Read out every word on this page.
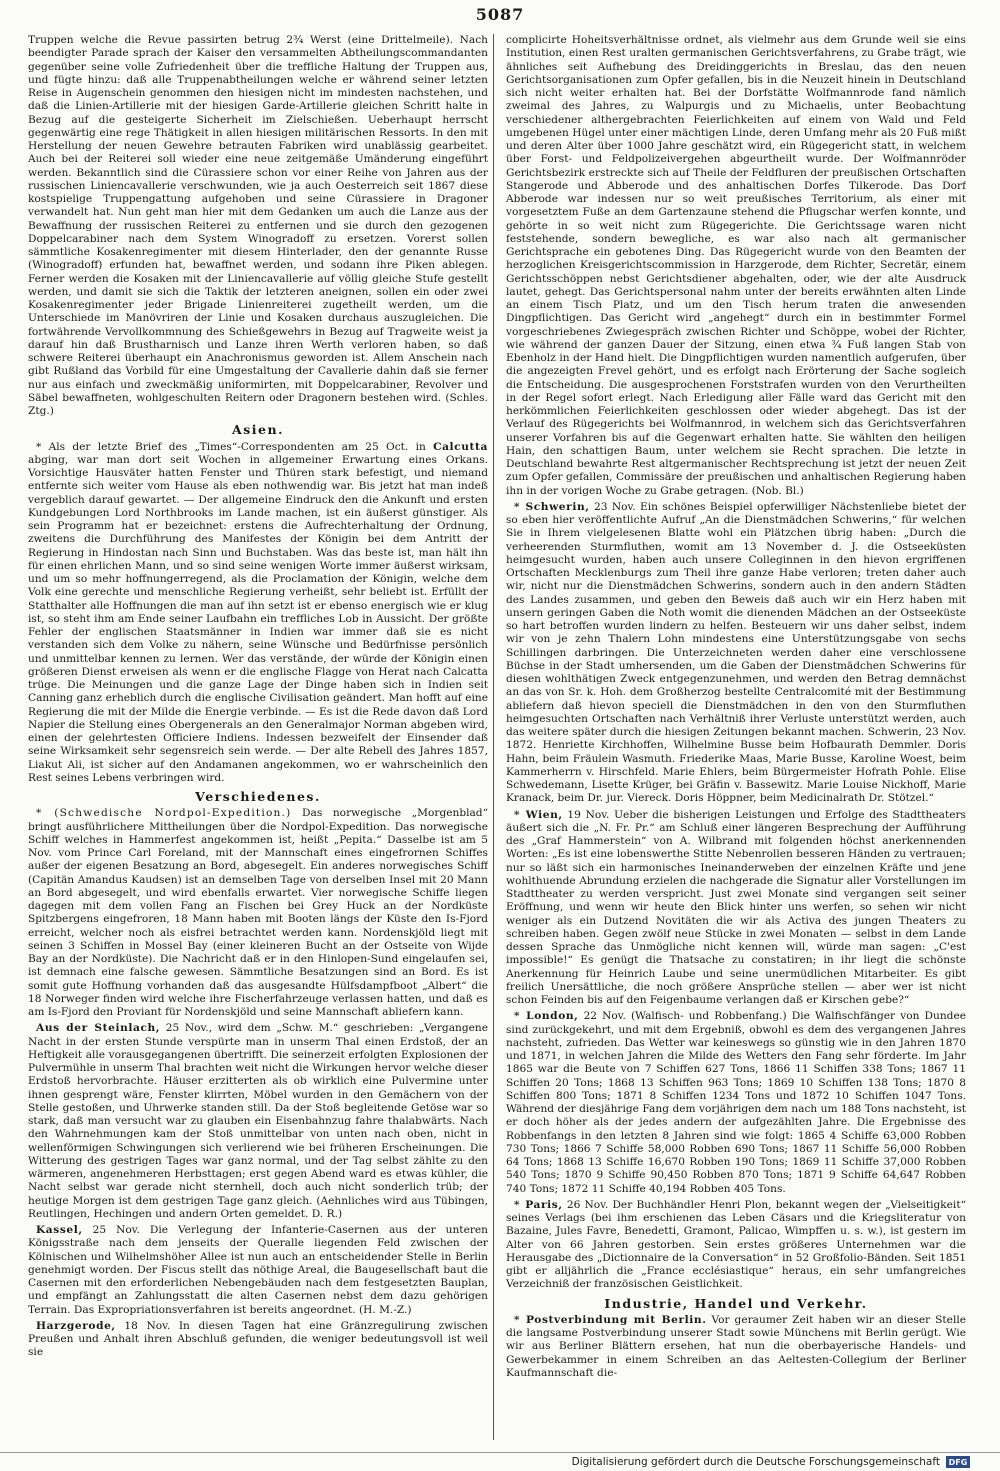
5087

Truppen welche die Revue passirten betrug 2¾ Werst (eine Drittelmeile). Nach beendigter Parade sprach der Kaiser den versammelten Abtheilungscommandanten gegenüber seine volle Zufriedenheit über die treffliche Haltung der Truppen aus, und fügte hinzu: daß alle Truppenabtheilungen welche er während seiner letzten Reise in Augenschein genommen den hiesigen nicht im mindesten nachstehen, und daß die Linien-Artillerie mit der hiesigen Garde-Artillerie gleichen Schritt halte in Bezug auf die gesteigerte Sicherheit im Zielschießen. Ueberhaupt herrscht gegenwärtig eine rege Thätigkeit in allen hiesigen militärischen Ressorts. In den mit Herstellung der neuen Gewehre betrauten Fabriken wird unablässig gearbeitet. Auch bei der Reiterei soll wieder eine neue zeitgemäße Umänderung eingeführt werden. Bekanntlich sind die Cürassiere schon vor einer Reihe von Jahren aus der russischen Liniencavallerie verschwunden, wie ja auch Oesterreich seit 1867 diese kostspielige Truppengattung aufgehoben und seine Cürassiere in Dragoner verwandelt hat. Nun geht man hier mit dem Gedanken um auch die Lanze aus der Bewaffnung der russischen Reiterei zu entfernen und sie durch den gezogenen Doppelcarabiner nach dem System Winogradoff zu ersetzen. Vorerst sollen sämmtliche Kosakenregimenter mit diesem Hinterlader, den der genannte Russe (Winogradoff) erfunden hat, bewaffnet werden, und sodann ihre Piken ablegen. Ferner werden die Kosaken mit der Liniencavallerie auf völlig gleiche Stufe gestellt werden, und damit sie sich die Taktik der letzteren aneignen, sollen ein oder zwei Kosakenregimenter jeder Brigade Linienreiterei zugetheilt werden, um die Unterschiede im Manövriren der Linie und Kosaken durchaus auszugleichen. Die fortwährende Vervollkommnung des Schießgewehrs in Bezug auf Tragweite weist ja darauf hin daß Brustharnisch und Lanze ihren Werth verloren haben, so daß schwere Reiterei überhaupt ein Anachronismus geworden ist. Allem Anschein nach gibt Rußland das Vorbild für eine Umgestaltung der Cavallerie dahin daß sie ferner nur aus einfach und zweckmäßig uniformirten, mit Doppelcarabiner, Revolver und Säbel bewaffneten, wohlgeschulten Reitern oder Dragonern bestehen wird. (Schles. Ztg.)

Asien.

* Als der letzte Brief des „Times“-Correspondenten am 25 Oct. in Calcutta abging, war man dort seit Wochen in allgemeiner Erwartung eines Orkans. Vorsichtige Hausväter hatten Fenster und Thüren stark befestigt, und niemand entfernte sich weiter vom Hause als eben nothwendig war. Bis jetzt hat man indeß vergeblich darauf gewartet. — Der allgemeine Eindruck den die Ankunft und ersten Kundgebungen Lord Northbrooks im Lande machen, ist ein äußerst günstiger. Als sein Programm hat er bezeichnet: erstens die Aufrechterhaltung der Ordnung, zweitens die Durchführung des Manifestes der Königin bei dem Antritt der Regierung in Hindostan nach Sinn und Buchstaben. Was das beste ist, man hält ihn für einen ehrlichen Mann, und so sind seine wenigen Worte immer äußerst wirksam, und um so mehr hoffnungerregend, als die Proclamation der Königin, welche dem Volk eine gerechte und menschliche Regierung verheißt, sehr beliebt ist. Erfüllt der Statthalter alle Hoffnungen die man auf ihn setzt ist er ebenso energisch wie er klug ist, so steht ihm am Ende seiner Laufbahn ein treffliches Lob in Aussicht. Der größte Fehler der englischen Staatsmänner in Indien war immer daß sie es nicht verstanden sich dem Volke zu nähern, seine Wünsche und Bedürfnisse persönlich und unmittelbar kennen zu lernen. Wer das verstände, der würde der Königin einen größeren Dienst erweisen als wenn er die englische Flagge von Herat nach Calcatta trüge. Die Meinungen und die ganze Lage der Dinge haben sich in Indien seit Canning ganz erheblich durch die englische Civilisation geändert. Man hofft auf eine Regierung die mit der Milde die Energie verbinde. — Es ist die Rede davon daß Lord Napier die Stellung eines Obergenerals an den Generalmajor Norman abgeben wird, einen der gelehrtesten Officiere Indiens. Indessen bezweifelt der Einsender daß seine Wirksamkeit sehr segensreich sein werde. — Der alte Rebell des Jahres 1857, Liakut Ali, ist sicher auf den Andamanen angekommen, wo er wahrscheinlich den Rest seines Lebens verbringen wird.

Verschiedenes.

* (Schwedische Nordpol-Expedition.) Das norwegische „Morgenblad“ bringt ausführlichere Mittheilungen über die Nordpol-Expedition. Das norwegische Schiff welches in Hammerfest angekommen ist, heißt „Pepita.“ Dasselbe ist am 5 Nov. vom Prince Carl Foreland, mit der Mannschaft eines eingefrornen Schiffes außer der eigenen Besatzung an Bord, abgesegelt. Ein anderes norwegisches Schiff (Capitän Amandus Kaudsen) ist an demselben Tage von derselben Insel mit 20 Mann an Bord abgesegelt, und wird ebenfalls erwartet. Vier norwegische Schiffe liegen dagegen mit dem vollen Fang an Fischen bei Grey Huck an der Nordküste Spitzbergens eingefroren, 18 Mann haben mit Booten längs der Küste den Is-Fjord erreicht, welcher noch als eisfrei betrachtet werden kann. Nordenskjöld liegt mit seinen 3 Schiffen in Mossel Bay (einer kleineren Bucht an der Ostseite von Wijde Bay an der Nordküste). Die Nachricht daß er in den Hinlopen-Sund eingelaufen sei, ist demnach eine falsche gewesen. Sämmtliche Besatzungen sind an Bord. Es ist somit gute Hoffnung vorhanden daß das ausgesandte Hülfsdampfboot „Albert“ die 18 Norweger finden wird welche ihre Fischerfahrzeuge verlassen hatten, und daß es am Is-Fjord den Proviant für Nordenskjöld und seine Mannschaft abliefern kann.

Aus der Steinlach, 25 Nov., wird dem „Schw. M.“ geschrieben: „Vergangene Nacht in der ersten Stunde verspürte man in unserm Thal einen Erdstoß, der an Heftigkeit alle vorausgegangenen übertrifft. Die seinerzeit erfolgten Explosionen der Pulvermühle in unserm Thal brachten weit nicht die Wirkungen hervor welche dieser Erdstoß hervorbrachte. Häuser erzitterten als ob wirklich eine Pulvermine unter ihnen gesprengt wäre, Fenster klirrten, Möbel wurden in den Gemächern von der Stelle gestoßen, und Uhrwerke standen still. Da der Stoß begleitende Getöse war so stark, daß man versucht war zu glauben ein Eisenbahnzug fahre thalabwärts. Nach den Wahrnehmungen kam der Stoß unmittelbar von unten nach oben, nicht in wellenförmigen Schwingungen sich verlierend wie bei früheren Erscheinungen. Die Witterung des gestrigen Tages war ganz normal, und der Tag selbst zählte zu den wärmeren, angenehmeren Herbsttagen; erst gegen Abend ward es etwas kühler, die Nacht selbst war gerade nicht sternhell, doch auch nicht sonderlich trüb; der heutige Morgen ist dem gestrigen Tage ganz gleich. (Aehnliches wird aus Tübingen, Reutlingen, Hechingen und andern Orten gemeldet. D. R.)

Kassel, 25 Nov. Die Verlegung der Infanterie-Casernen aus der unteren Königsstraße nach dem jenseits der Queralle liegenden Feld zwischen der Kölnischen und Wilhelmshöher Allee ist nun auch an entscheidender Stelle in Berlin genehmigt worden. Der Fiscus stellt das nöthige Areal, die Baugesellschaft baut die Casernen mit den erforderlichen Nebengebäuden nach dem festgesetzten Bauplan, und empfängt an Zahlungsstatt die alten Casernen nebst dem dazu gehörigen Terrain. Das Expropriationsverfahren ist bereits angeordnet. (H. M.-Z.)

Harzgerode, 18 Nov. In diesen Tagen hat eine Gränzregulirung zwischen Preußen und Anhalt ihren Abschluß gefunden, die weniger bedeutungsvoll ist weil sie

complicirte Hoheitsverhältnisse ordnet, als vielmehr aus dem Grunde weil sie eins Institution, einen Rest uralten germanischen Gerichtsverfahrens, zu Grabe trägt, wie ähnliches seit Aufhebung des Dreidinggerichts in Breslau, das den neuen Gerichtsorganisationen zum Opfer gefallen, bis in die Neuzeit hinein in Deutschland sich nicht weiter erhalten hat. Bei der Dorfstätte Wolfmannrode fand nämlich zweimal des Jahres, zu Walpurgis und zu Michaelis, unter Beobachtung verschiedener althergebrachten Feierlichkeiten auf einem von Wald und Feld umgebenen Hügel unter einer mächtigen Linde, deren Umfang mehr als 20 Fuß mißt und deren Alter über 1000 Jahre geschätzt wird, ein Rügegericht statt, in welchem über Forst- und Feldpolizeivergehen abgeurtheilt wurde. Der Wolfmannröder Gerichtsbezirk erstreckte sich auf Theile der Feldfluren der preußischen Ortschaften Stangerode und Abberode und des anhaltischen Dorfes Tilkerode. Das Dorf Abberode war indessen nur so weit preußisches Territorium, als einer mit vorgesetztem Fuße an dem Gartenzaune stehend die Pflugschar werfen konnte, und gehörte in so weit nicht zum Rügegerichte. Die Gerichtssage waren nicht feststehende, sondern bewegliche, es war also nach alt germanischer Gerichtsprache ein gebotenes Ding. Das Rügegericht wurde von den Beamten der herzoglichen Kreisgerichtscommission in Harzgerode, dem Richter, Secretär, einem Gerichtsschöppen nebst Gerichtsdiener abgehalten, oder, wie der alte Ausdruck lautet, gehegt. Das Gerichtspersonal nahm unter der bereits erwähnten alten Linde an einem Tisch Platz, und um den Tisch herum traten die anwesenden Dingpflichtigen. Das Gericht wird „angehegt“ durch ein in bestimmter Formel vorgeschriebenes Zwiegespräch zwischen Richter und Schöppe, wobei der Richter, wie während der ganzen Dauer der Sitzung, einen etwa ¾ Fuß langen Stab von Ebenholz in der Hand hielt. Die Dingpflichtigen wurden namentlich aufgerufen, über die angezeigten Frevel gehört, und es erfolgt nach Erörterung der Sache sogleich die Entscheidung. Die ausgesprochenen Forststrafen wurden von den Verurtheilten in der Regel sofort erlegt. Nach Erledigung aller Fälle ward das Gericht mit den herkömmlichen Feierlichkeiten geschlossen oder wieder abgehegt. Das ist der Verlauf des Rügegerichts bei Wolfmannrod, in welchem sich das Gerichtsverfahren unserer Vorfahren bis auf die Gegenwart erhalten hatte. Sie wählten den heiligen Hain, den schattigen Baum, unter welchem sie Recht sprachen. Die letzte in Deutschland bewahrte Rest altgermanischer Rechtsprechung ist jetzt der neuen Zeit zum Opfer gefallen, Commissäre der preußischen und anhaltischen Regierung haben ihn in der vorigen Woche zu Grabe getragen. (Nob. Bl.)

* Schwerin, 23 Nov. Ein schönes Beispiel opferwilliger Nächstenliebe bietet der so eben hier veröffentlichte Aufruf „An die Dienstmädchen Schwerins,“ für welchen Sie in Ihrem vielgelesenen Blatte wohl ein Plätzchen übrig haben: „Durch die verheerenden Sturmfluthen, womit am 13 November d. J. die Ostseeküsten heimgesucht wurden, haben auch unsere Colleginnen in den hievon ergriffenen Ortschaften Mecklenburgs zum Theil ihre ganze Habe verloren; treten daher auch wir, nicht nur die Dienstmädchen Schwerins, sondern auch in den andern Städten des Landes zusammen, und geben den Beweis daß auch wir ein Herz haben mit unsern geringen Gaben die Noth womit die dienenden Mädchen an der Ostseeküste so hart betroffen wurden lindern zu helfen. Besteuern wir uns daher selbst, indem wir von je zehn Thalern Lohn mindestens eine Unterstützungsgabe von sechs Schillingen darbringen. Die Unterzeichneten werden daher eine verschlossene Büchse in der Stadt umhersenden, um die Gaben der Dienstmädchen Schwerins für diesen wohlthätigen Zweck entgegenzunehmen, und werden den Betrag demnächst an das von Sr. k. Hoh. dem Großherzog bestellte Centralcomité mit der Bestimmung abliefern daß hievon speciell die Dienstmädchen in den von den Sturmfluthen heimgesuchten Ortschaften nach Verhältniß ihrer Verluste unterstützt werden, auch das weitere später durch die hiesigen Zeitungen bekannt machen. Schwerin, 23 Nov. 1872. Henriette Kirchhoffen, Wilhelmine Busse beim Hofbaurath Demmler. Doris Hahn, beim Fräulein Wasmuth. Friederike Maas, Marie Busse, Karoline Woest, beim Kammerherrn v. Hirschfeld. Marie Ehlers, beim Bürgermeister Hofrath Pohle. Elise Schwedemann, Lisette Krüger, bei Gräfin v. Bassewitz. Marie Louise Nickhoff, Marie Kranack, beim Dr. jur. Viereck. Doris Höppner, beim Medicinalrath Dr. Stötzel.“

* Wien, 19 Nov. Ueber die bisherigen Leistungen und Erfolge des Stadttheaters äußert sich die „N. Fr. Pr.“ am Schluß einer längeren Besprechung der Aufführung des „Graf Hammerstein“ von A. Wilbrand mit folgenden höchst anerkennenden Worten: „Es ist eine lobenswerthe Stitte Nebenrollen besseren Händen zu vertrauen; nur so läßt sich ein harmonisches Ineinanderweben der einzelnen Kräfte und jene wohlthuende Abrundung erzielen die nachgerade die Signatur aller Vorstellungen im Stadttheater zu werden verspricht. Just zwei Monate sind vergangen seit seiner Eröffnung, und wenn wir heute den Blick hinter uns werfen, so sehen wir nicht weniger als ein Dutzend Novitäten die wir als Activa des jungen Theaters zu schreiben haben. Gegen zwölf neue Stücke in zwei Monaten — selbst in dem Lande dessen Sprache das Unmögliche nicht kennen will, würde man sagen: „C'est impossible!“ Es genügt die Thatsache zu constatiren; in ihr liegt die schönste Anerkennung für Heinrich Laube und seine unermüdlichen Mitarbeiter. Es gibt freilich Unersättliche, die noch größere Ansprüche stellen — aber wer ist nicht schon Feinden bis auf den Feigenbaume verlangen daß er Kirschen gebe?“

* London, 22 Nov. (Walfisch- und Robbenfang.) Die Walfischfänger von Dundee sind zurückgekehrt, und mit dem Ergebniß, obwohl es dem des vergangenen Jahres nachsteht, zufrieden. Das Wetter war keineswegs so günstig wie in den Jahren 1870 und 1871, in welchen Jahren die Milde des Wetters den Fang sehr förderte. Im Jahr 1865 war die Beute von 7 Schiffen 627 Tons, 1866 11 Schiffen 338 Tons; 1867 11 Schiffen 20 Tons; 1868 13 Schiffen 963 Tons; 1869 10 Schiffen 138 Tons; 1870 8 Schiffen 800 Tons; 1871 8 Schiffen 1234 Tons und 1872 10 Schiffen 1047 Tons. Während der diesjährige Fang dem vorjährigen dem nach um 188 Tons nachsteht, ist er doch höher als der jedes andern der aufgezählten Jahre. Die Ergebnisse des Robbenfangs in den letzten 8 Jahren sind wie folgt: 1865 4 Schiffe 63,000 Robben 730 Tons; 1866 7 Schiffe 58,000 Robben 690 Tons; 1867 11 Schiffe 56,000 Robben 64 Tons; 1868 13 Schiffe 16,670 Robben 190 Tons; 1869 11 Schiffe 37,000 Robben 540 Tons; 1870 9 Schiffe 90,450 Robben 870 Tons; 1871 9 Schiffe 64,647 Robben 740 Tons; 1872 11 Schiffe 40,194 Robben 405 Tons.

* Paris, 26 Nov. Der Buchhändler Henri Plon, bekannt wegen der „Vielseitigkeit“ seines Verlags (bei ihm erschienen das Leben Cäsars und die Kriegsliteratur von Bazaine, Jules Favre, Benedetti, Gramont, Palicao, Wimpffen u. s. w.), ist gestern im Alter von 66 Jahren gestorben. Sein erstes größeres Unternehmen war die Herausgabe des „Dictionnaire de la Conversation“ in 52 Großfolio-Bänden. Seit 1851 gibt er alljährlich die „France ecclésiastique“ heraus, ein sehr umfangreiches Verzeichniß der französischen Geistlichkeit.

Industrie, Handel und Verkehr.

* Postverbindung mit Berlin. Vor geraumer Zeit haben wir an dieser Stelle die langsame Postverbindung unserer Stadt sowie Münchens mit Berlin gerügt. Wie wir aus Berliner Blättern ersehen, hat nun die oberbayerische Handels- und Gewerbekammer in einem Schreiben an das Aeltesten-Collegium der Berliner Kaufmannschaft die-

Digitalisierung gefördert durch die Deutsche Forschungsgemeinschaft	DFG
